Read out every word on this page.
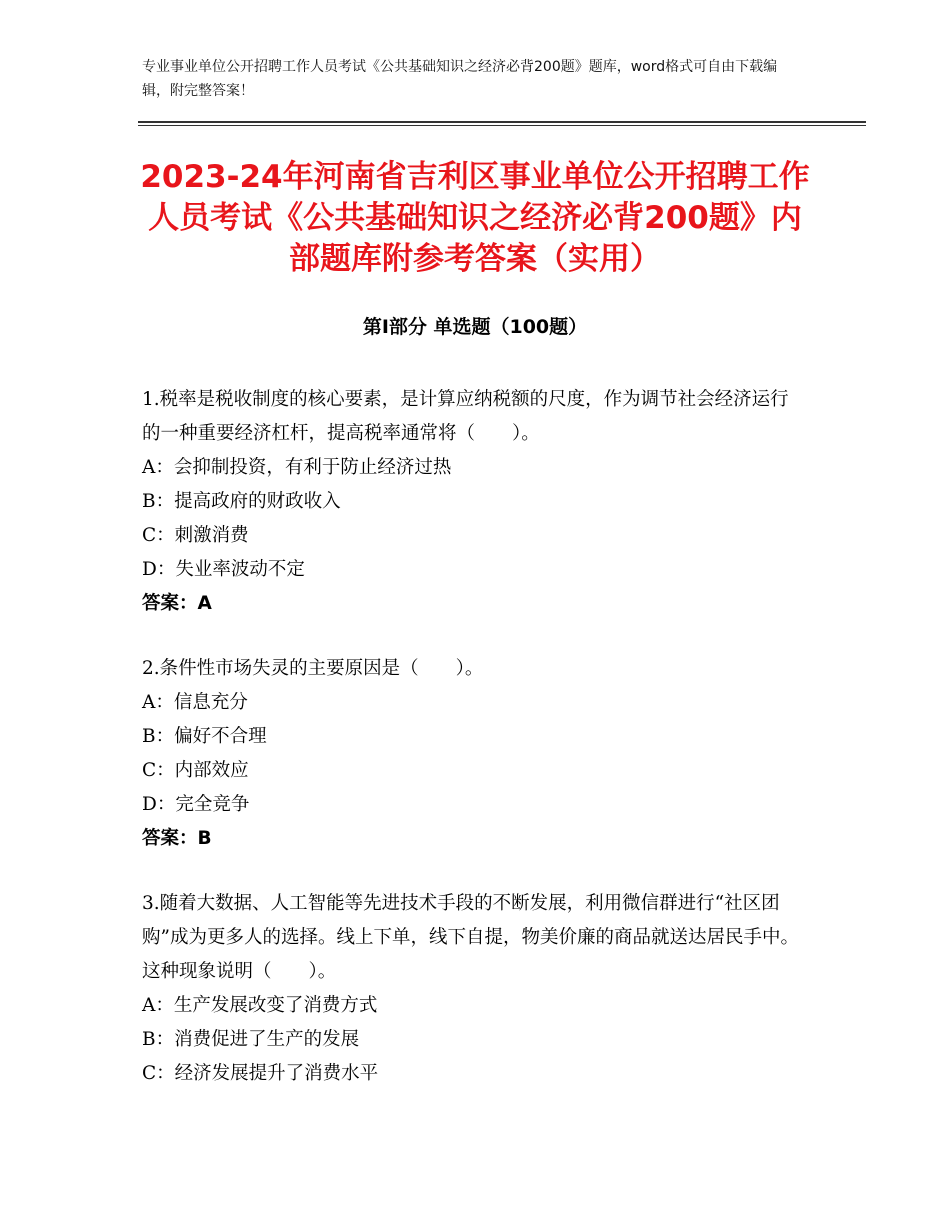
专业事业单位公开招聘工作人员考试《公共基础知识之经济必背200题》题库，word格式可自由下载编辑，附完整答案！
2023-24年河南省吉利区事业单位公开招聘工作人员考试《公共基础知识之经济必背200题》内部题库附参考答案（实用）
第Ⅰ部分 单选题（100题）

1.税率是税收制度的核心要素，是计算应纳税额的尺度，作为调节社会经济运行的一种重要经济杠杆，提高税率通常将（　　）。

A：会抑制投资，有利于防止经济过热

B：提高政府的财政收入

C：刺激消费

D：失业率波动不定

答案：A

2.条件性市场失灵的主要原因是（　　）。

A：信息充分

B：偏好不合理

C：内部效应

D：完全竞争

答案：B

3.随着大数据、人工智能等先进技术手段的不断发展，利用微信群进行“社区团购”成为更多人的选择。线上下单，线下自提，物美价廉的商品就送达居民手中。这种现象说明（　　）。

A：生产发展改变了消费方式

B：消费促进了生产的发展

C：经济发展提升了消费水平
